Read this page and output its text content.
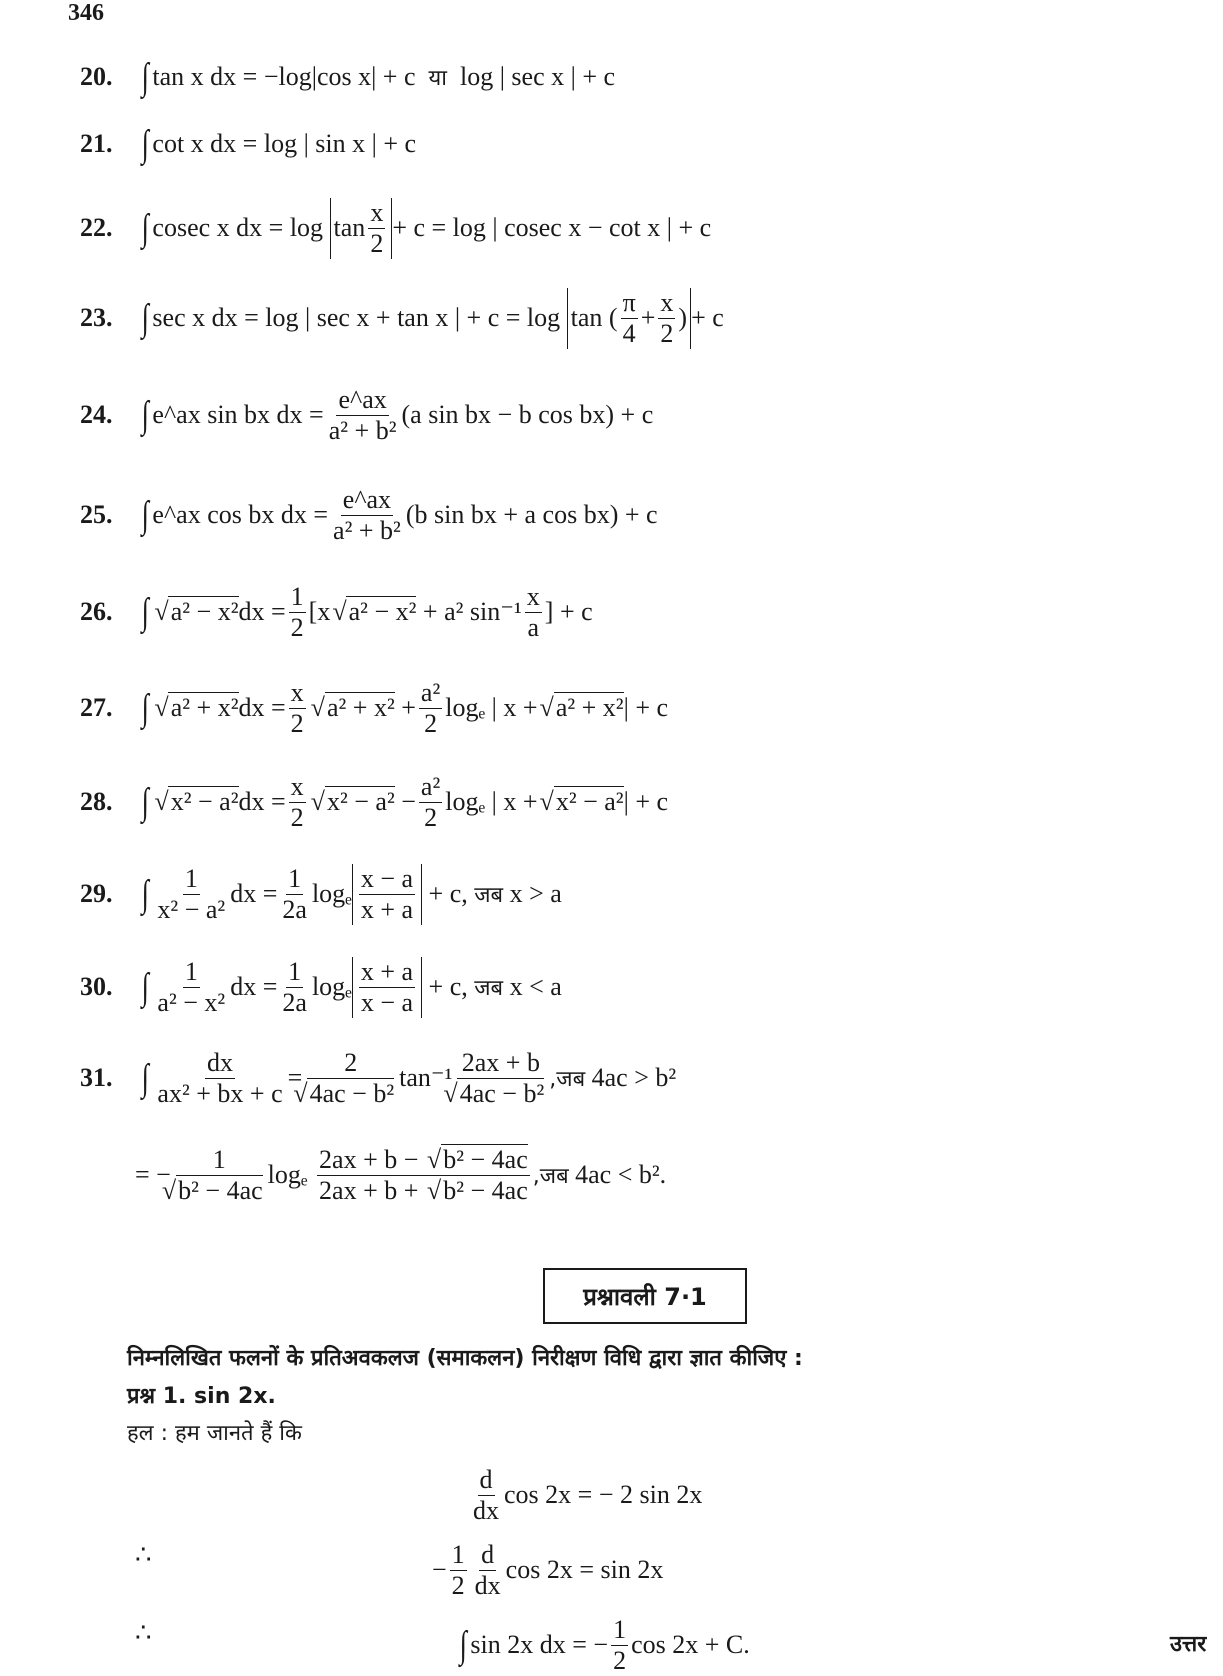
346
20. ∫ tan x dx = −log|cos x| + c
या
log | sec x | + c
21. ∫ cot x dx = log | sin x | + c
22. ∫ cosec x dx = log
$\tan \frac{x}{2} + c = \log$ | cosec x − cot x | + c
23. ∫ sec x dx = log | sec x + tan x | + c = log
tan ( $\frac{\pi}{4} + \frac{x}{2}$ ) + c
24. ∫ e^ax sin bx dx = $\frac{e\^{}ax}{\text{a² + b²}} (a$ sin bx − b cos bx) + c
25. ∫ e^ax cos bx dx = $\frac{e\^{}ax}{\text{a² + b²}} (b$ sin bx + a cos bx) + c
26. ∫ √ a² − x² dx = $\frac{1}{2} [x$ √ a² − x²
+ a² $\sin^{-1} \frac{x}{a}$ ] + c
27. ∫ √ a² + x² dx = $\frac{x}{2}$ √ a² + x²
+ $\frac{\text{a²}}{2}$ logₑ | x + √ a² + x² | + c
28. ∫ √ x² − a² dx = $\frac{x}{2}$ √ x² − a²
− $\frac{\text{a²}}{2}$ logₑ | x + √ x² − a² | + c
29. ∫ $\frac{1}{\text{x² − a²}}$ dx = $\frac{1}{2a}$ logₑ $\frac{x - a}{x + a}$
+ c,
जब
x > a
30. ∫ $\frac{1}{\text{a² − x²}}$ dx = $\frac{1}{2a}$ logₑ $\frac{x + a}{x - a}$
+ c,
जब
x < a
31. ∫ $\frac{dx}{\text{ax² + bx + c}} = 2$
√ 4ac − b² tan⁻¹
2ax + b
√ 4ac − b² ,जब
4ac > b²
= − 1
√ b² − 4ac logₑ

2ax + b − √ b² − 4ac
2ax + b + √ b² − 4ac ,जब
4ac < b².
प्रश्नावली 7·1
निम्नलिखित फलनों के प्रतिअवकलज (समाकलन) निरीक्षण विधि द्वारा ज्ञात कीजिए :
प्रश्न 1. sin 2x.
हल : हम जानते हैं कि
$\frac{d}{dx}$ cos 2x = − 2 sin 2x
∴
− $\frac{1}{2} \frac{d}{dx}$ cos 2x = sin 2x
∴	∫ sin 2x dx = − $\frac{1}{2}$ cos 2x + C.	उत्तर
